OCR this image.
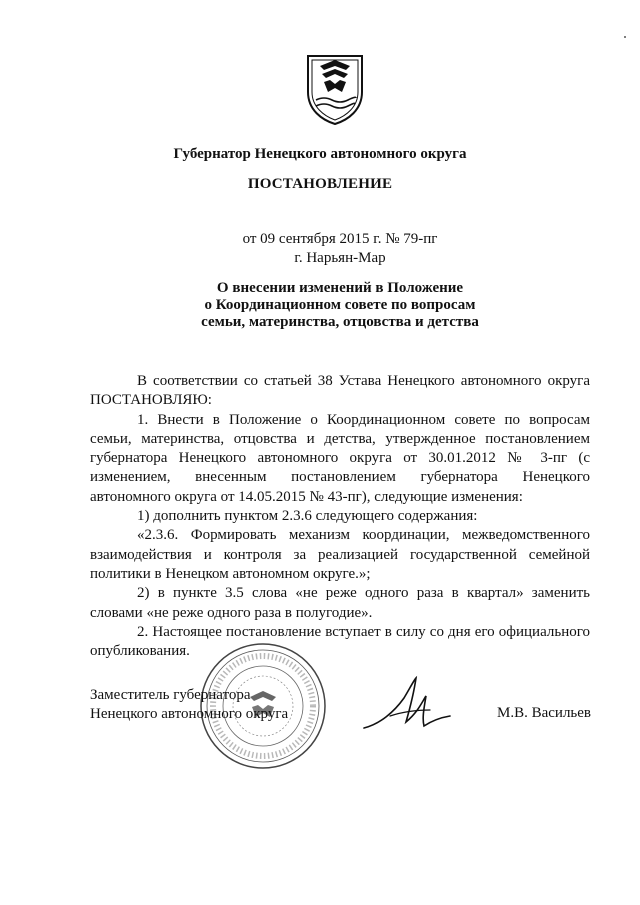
Губернатор Ненецкого автономного округа
ПОСТАНОВЛЕНИЕ
от 09 сентября 2015 г. № 79-пг
г. Нарьян-Мар
О внесении изменений в Положение
о Координационном совете по вопросам
семьи, материнства, отцовства и детства

В соответствии со статьей 38 Устава Ненецкого автономного округа ПОСТАНОВЛЯЮ:

1. Внести в Положение о Координационном совете по вопросам семьи, материнства, отцовства и детства, утвержденное постановлением губернатора Ненецкого автономного округа от 30.01.2012 № 3-пг (с изменением, внесенным постановлением губернатора Ненецкого автономного округа от 14.05.2015 № 43-пг), следующие изменения:

1) дополнить пунктом 2.3.6 следующего содержания:

«2.3.6. Формировать механизм координации, межведомственного взаимодействия и контроля за реализацией государственной семейной политики в Ненецком автономном округе.»;

2) в пункте 3.5 слова «не реже одного раза в квартал» заменить словами «не реже одного раза в полугодие».

2. Настоящее постановление вступает в силу со дня его официального опубликования.

Заместитель губернатора
Ненецкого автономного округа	М.В. Васильев
